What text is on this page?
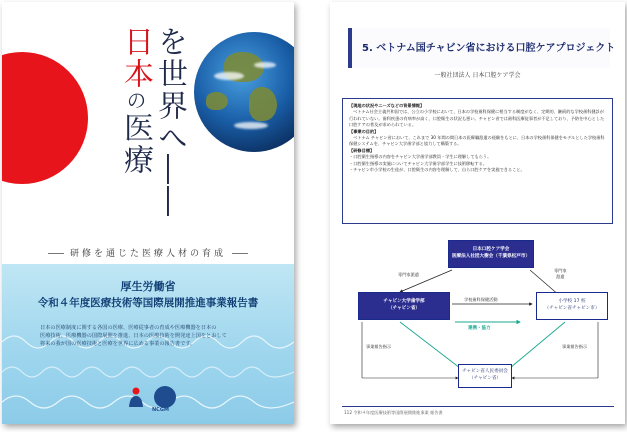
日本の医療 を世界へ――
研修を通じた医療人材の育成
厚生労働省
令和４年度医療技術等国際展開推進事業報告書
日本の医療制度に関する各国の医療、医療従事者の育成や医療機器を日本の
医療技術、医療機器の国際展開を推進、日本の医療技術を開発途上国をとおして
将来の我が国の医療技術と医療を世界に広める事業の報告書です。
NCGM
5. ベトナム国チャビン省における口腔ケアプロジェクト
一般社団法人 日本口腔ケア学会
【現地の状況やニーズなどの背景情報】
ベトナム社会主義共和国では、公立の小学校において、日本の学校歯科保健に相当する制度がなく、定期的、継続的な学校歯科健診が行われていない。歯科疾患の有病率が高く、口腔衛生の状況も悪い。チャビン省では歯科医療従事者が不足しており、予防を中心とした口腔ケアの普及が求められている。
【事業の目的】
ベトナム チャビン省において、これまで 30 年間の間日本の医療職派遣の経験をもとに、日本の学校歯科保健をモデルとした学校歯科保健システムを、チャビン大学歯学部と協力して構築する。
【研修目標】
・口腔衛生指導の内容をチャビン大学歯学部教員・学生に理解してもらう。
・口腔衛生指導の実施についてチャビン大学歯学部学生に技術移転する。
・チャビン市小学校の生徒が、口腔衛生の内容を理解して、自ら口腔ケアを実施できること。
日本口腔ケア学会
医療法人社団大樹会（千葉県松戸市）
チャビン大学歯学部
（チャビン省）
小学校 17 校
（チャビン省チャビン市）
チャビン省人民委員会
（チャビン省）
専門家派遣
専門家
派遣
学校歯科保健活動
連携・協力
事業報告指示	事業報告指示
112 令和４年度医療技術等国際展開推進事業 報告書
